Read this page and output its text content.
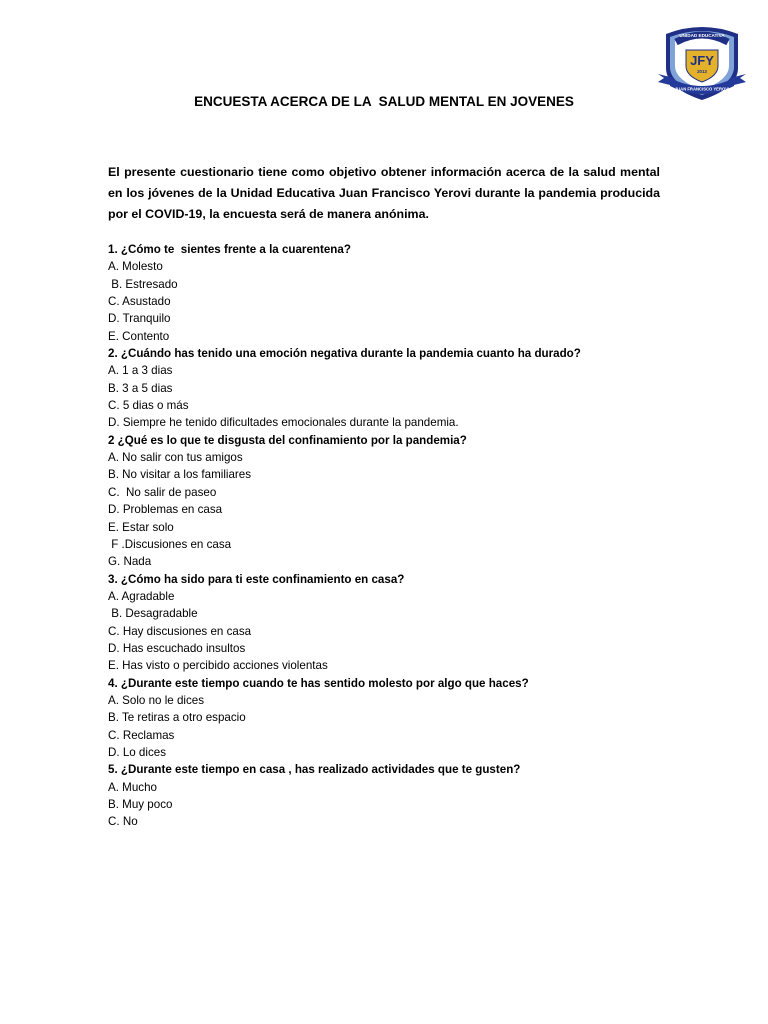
UNIDAD EDUCATIVA
JFY
2013
JUAN FRANCISCO YEROVI
ENCUESTA ACERCA DE LA  SALUD MENTAL EN JOVENES
El presente cuestionario tiene como objetivo obtener información acerca de la salud mental en los jóvenes de la Unidad Educativa Juan Francisco Yerovi durante la pandemia producida por el COVID-19, la encuesta será de manera anónima.
1. ¿Cómo te  sientes frente a la cuarentena?
A. Molesto
B. Estresado
C. Asustado
D. Tranquilo
E. Contento
2. ¿Cuándo has tenido una emoción negativa durante la pandemia cuanto ha durado?
A. 1 a 3 dias
B. 3 a 5 dias
C. 5 dias o más
D. Siempre he tenido dificultades emocionales durante la pandemia.
2 ¿Qué es lo que te disgusta del confinamiento por la pandemia?
A. No salir con tus amigos
B. No visitar a los familiares
C.  No salir de paseo
D. Problemas en casa
E. Estar solo
F .Discusiones en casa
G. Nada
3. ¿Cómo ha sido para ti este confinamiento en casa?
A. Agradable
B. Desagradable
C. Hay discusiones en casa
D. Has escuchado insultos
E. Has visto o percibido acciones violentas
4. ¿Durante este tiempo cuando te has sentido molesto por algo que haces?
A. Solo no le dices
B. Te retiras a otro espacio
C. Reclamas
D. Lo dices
5. ¿Durante este tiempo en casa , has realizado actividades que te gusten?
A. Mucho
B. Muy poco
C. No
